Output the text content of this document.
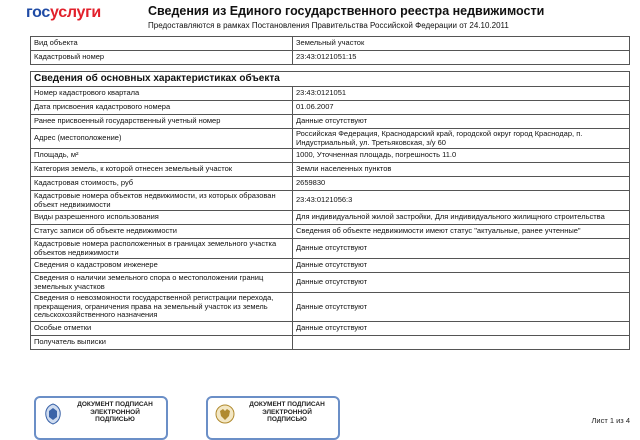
госуслуги	Сведения из Единого государственного реестра недвижимости
Предоставляются в рамках Постановления Правительства Российской Федерации от 24.10.2011
Вид объекта	Земельный участок
Кадастровый номер	23:43:0121051:15

Сведения об основных характеристиках объекта	
Номер кадастрового квартала	23:43:0121051
Дата присвоения кадастрового номера	01.06.2007
Ранее присвоенный государственный учетный номер	Данные отсутствуют
Адрес (местоположение)	Российская Федерация, Краснодарский край, городской округ город Краснодар, п. Индустриальный, ул. Третьяковская, з/у 60
Площадь, м²	1000, Уточненная площадь, погрешность 11.0
Категория земель, к которой отнесен земельный участок	Земли населенных пунктов
Кадастровая стоимость, руб	2659830
Кадастровые номера объектов недвижимости, из которых образован объект недвижимости	23:43:0121056:3
Виды разрешенного использования	Для индивидуальной жилой застройки, Для индивидуального жилищного строительства
Статус записи об объекте недвижимости	Сведения об объекте недвижимости имеют статус "актуальные, ранее учтенные"
Кадастровые номера расположенных в границах земельного участка объектов недвижимости	Данные отсутствуют
Сведения о кадастровом инженере	Данные отсутствуют
Сведения о наличии земельного спора о местоположении границ земельных участков	Данные отсутствуют
Сведения о невозможности государственной регистрации перехода, прекращения, ограничения права на земельный участок из земель сельскохозяйственного назначения	Данные отсутствуют
Особые отметки	Данные отсутствуют
Получатель выписки	
ДОКУМЕНТ ПОДПИСАН
ЭЛЕКТРОННОЙ
ПОДПИСЬЮ
ДОКУМЕНТ ПОДПИСАН
ЭЛЕКТРОННОЙ
ПОДПИСЬЮ	Лист 1 из 4
